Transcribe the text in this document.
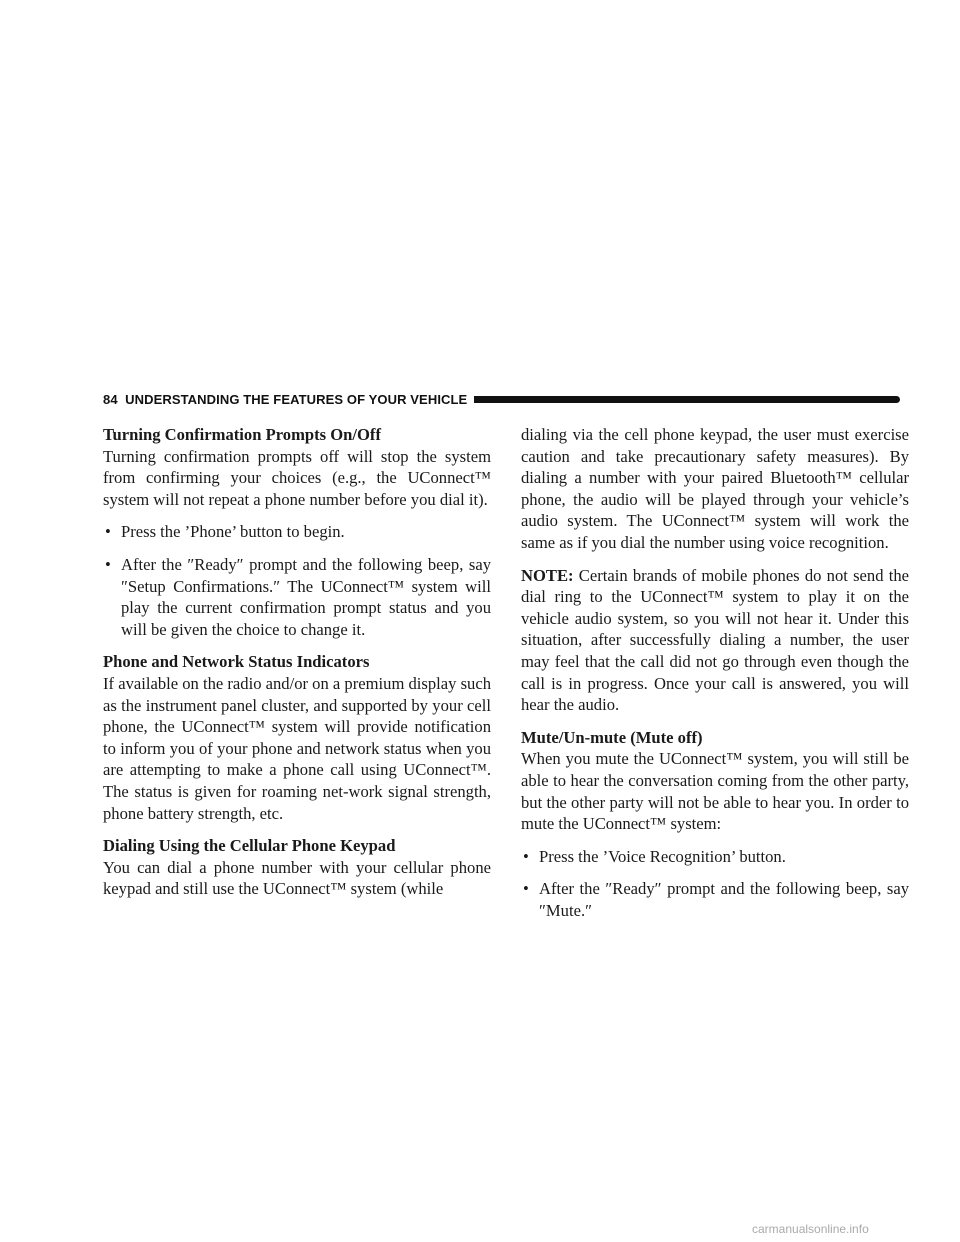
84 UNDERSTANDING THE FEATURES OF YOUR VEHICLE
Turning Confirmation Prompts On/Off

Turning confirmation prompts off will stop the system from confirming your choices (e.g., the UConnect™ system will not repeat a phone number before you dial it).

• Press the ’Phone’ button to begin.
• After the ″Ready″ prompt and the following beep, say ″Setup Confirmations.″ The UConnect™ system will play the current confirmation prompt status and you will be given the choice to change it.
Phone and Network Status Indicators

If available on the radio and/or on a premium display such as the instrument panel cluster, and supported by your cell phone, the UConnect™ system will provide notification to inform you of your phone and network status when you are attempting to make a phone call using UConnect™. The status is given for roaming net-work signal strength, phone battery strength, etc.

Dialing Using the Cellular Phone Keypad

You can dial a phone number with your cellular phone keypad and still use the UConnect™ system (while

dialing via the cell phone keypad, the user must exercise caution and take precautionary safety measures). By dialing a number with your paired Bluetooth™ cellular phone, the audio will be played through your vehicle’s audio system. The UConnect™ system will work the same as if you dial the number using voice recognition.

NOTE: Certain brands of mobile phones do not send the dial ring to the UConnect™ system to play it on the vehicle audio system, so you will not hear it. Under this situation, after successfully dialing a number, the user may feel that the call did not go through even though the call is in progress. Once your call is answered, you will hear the audio.

Mute/Un-mute (Mute off)

When you mute the UConnect™ system, you will still be able to hear the conversation coming from the other party, but the other party will not be able to hear you. In order to mute the UConnect™ system:

• Press the ’Voice Recognition’ button.
• After the ″Ready″ prompt and the following beep, say ″Mute.″
carmanualsonline.info
